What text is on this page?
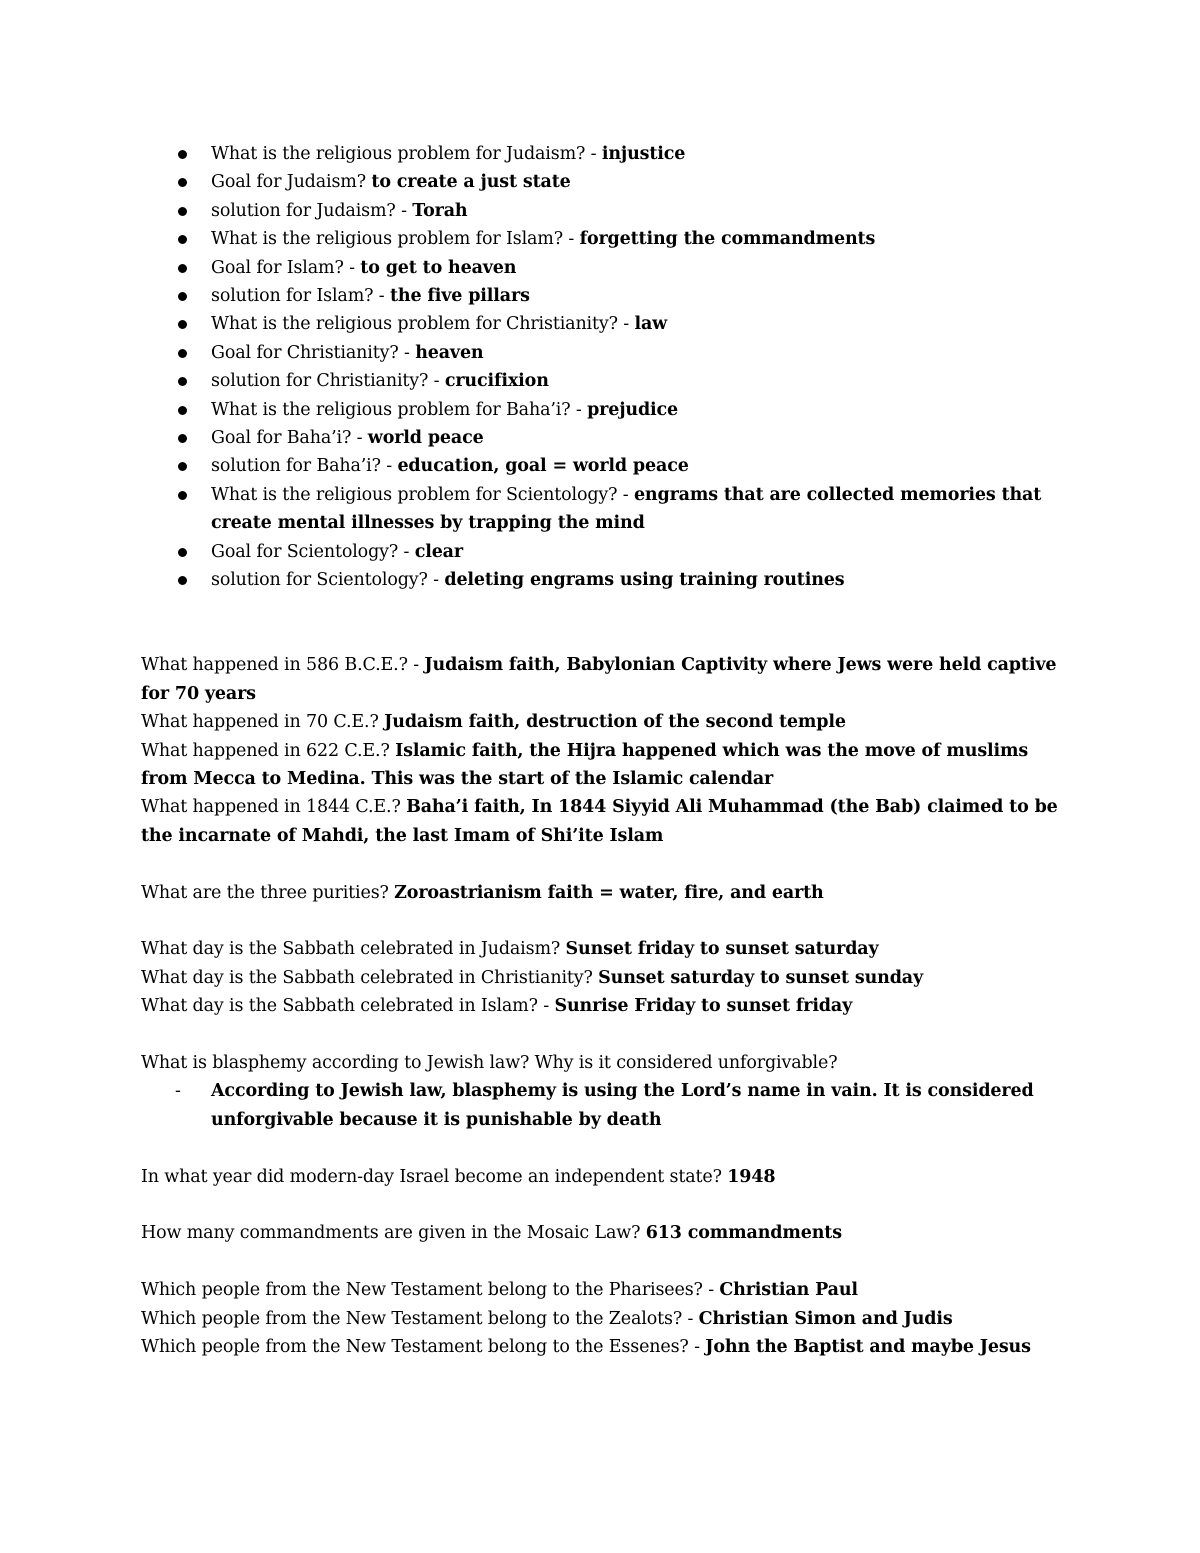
What is the religious problem for Judaism? - injustice
Goal for Judaism? to create a just state
solution for Judaism? - Torah
What is the religious problem for Islam? - forgetting the commandments
Goal for Islam? - to get to heaven
solution for Islam? - the five pillars
What is the religious problem for Christianity? - law
Goal for Christianity? - heaven
solution for Christianity? - crucifixion
What is the religious problem for Baha’i? - prejudice
Goal for Baha’i? - world peace
solution for Baha’i? - education, goal = world peace
What is the religious problem for Scientology? - engrams that are collected memories that create mental illnesses by trapping the mind
Goal for Scientology? - clear
solution for Scientology? - deleting engrams using training routines
What happened in 586 B.C.E.? - Judaism faith, Babylonian Captivity where Jews were held captive for 70 years
What happened in 70 C.E.? Judaism faith, destruction of the second temple
What happened in 622 C.E.? Islamic faith, the Hijra happened which was the move of muslims from Mecca to Medina. This was the start of the Islamic calendar
What happened in 1844 C.E.? Baha’i faith, In 1844 Siyyid Ali Muhammad (the Bab) claimed to be the incarnate of Mahdi, the last Imam of Shi’ite Islam
What are the three purities? Zoroastrianism faith = water, fire, and earth
What day is the Sabbath celebrated in Judaism? Sunset friday to sunset saturday
What day is the Sabbath celebrated in Christianity? Sunset saturday to sunset sunday
What day is the Sabbath celebrated in Islam? - Sunrise Friday to sunset friday
What is blasphemy according to Jewish law? Why is it considered unforgivable?
- According to Jewish law, blasphemy is using the Lord’s name in vain. It is considered unforgivable because it is punishable by death
In what year did modern-day Israel become an independent state? 1948
How many commandments are given in the Mosaic Law? 613 commandments
Which people from the New Testament belong to the Pharisees? - Christian Paul
Which people from the New Testament belong to the Zealots? - Christian Simon and Judis
Which people from the New Testament belong to the Essenes? - John the Baptist and maybe Jesus
